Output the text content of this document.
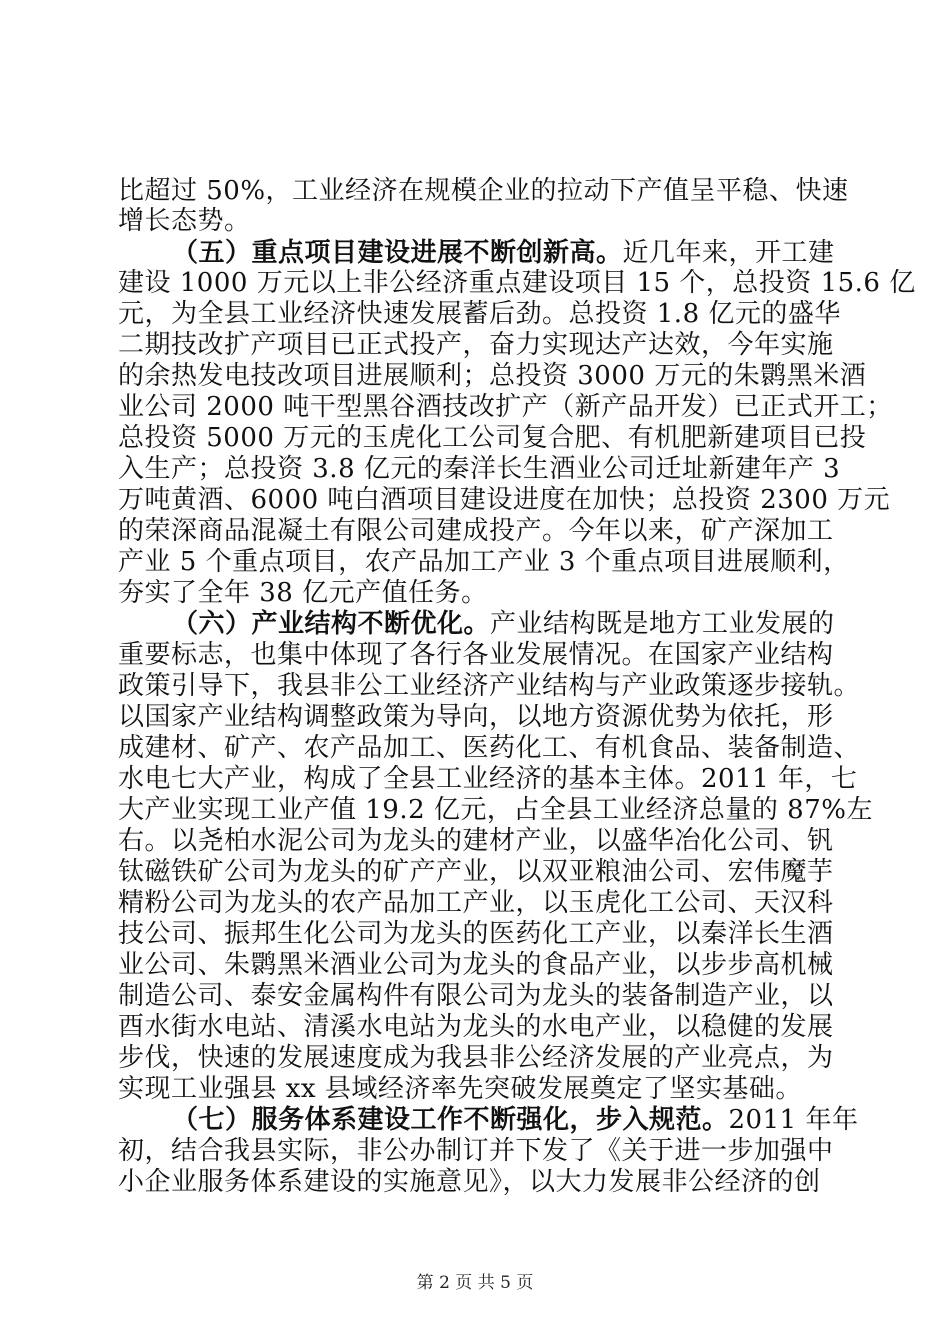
比超过 50%，工业经济在规模企业的拉动下产值呈平稳、快速
增长态势。
（五）重点项目建设进展不断创新高。近几年来，开工建
建设 1000 万元以上非公经济重点建设项目 15 个，总投资 15.6 亿
元，为全县工业经济快速发展蓄后劲。总投资 1.8 亿元的盛华
二期技改扩产项目已正式投产，奋力实现达产达效，今年实施
的余热发电技改项目进展顺利；总投资 3000 万元的朱鹮黑米酒
业公司 2000 吨干型黑谷酒技改扩产（新产品开发）已正式开工；
总投资 5000 万元的玉虎化工公司复合肥、有机肥新建项目已投
入生产；总投资 3.8 亿元的秦洋长生酒业公司迁址新建年产 3
万吨黄酒、6000 吨白酒项目建设进度在加快；总投资 2300 万元
的荣深商品混凝土有限公司建成投产。今年以来，矿产深加工
产业 5 个重点项目，农产品加工产业 3 个重点项目进展顺利，
夯实了全年 38 亿元产值任务。
（六）产业结构不断优化。产业结构既是地方工业发展的
重要标志，也集中体现了各行各业发展情况。在国家产业结构
政策引导下，我县非公工业经济产业结构与产业政策逐步接轨。
以国家产业结构调整政策为导向，以地方资源优势为依托，形
成建材、矿产、农产品加工、医药化工、有机食品、装备制造、
水电七大产业，构成了全县工业经济的基本主体。2011 年，七
大产业实现工业产值 19.2 亿元，占全县工业经济总量的 87%左
右。以尧柏水泥公司为龙头的建材产业，以盛华冶化公司、钒
钛磁铁矿公司为龙头的矿产产业，以双亚粮油公司、宏伟魔芋
精粉公司为龙头的农产品加工产业，以玉虎化工公司、天汉科
技公司、振邦生化公司为龙头的医药化工产业，以秦洋长生酒
业公司、朱鹮黑米酒业公司为龙头的食品产业，以步步高机械
制造公司、泰安金属构件有限公司为龙头的装备制造产业，以
酉水街水电站、清溪水电站为龙头的水电产业，以稳健的发展
步伐，快速的发展速度成为我县非公经济发展的产业亮点，为
实现工业强县 xx 县域经济率先突破发展奠定了坚实基础。
（七）服务体系建设工作不断强化，步入规范。2011 年年
初，结合我县实际，非公办制订并下发了《关于进一步加强中
小企业服务体系建设的实施意见》，以大力发展非公经济的创
第 2 页 共 5 页
